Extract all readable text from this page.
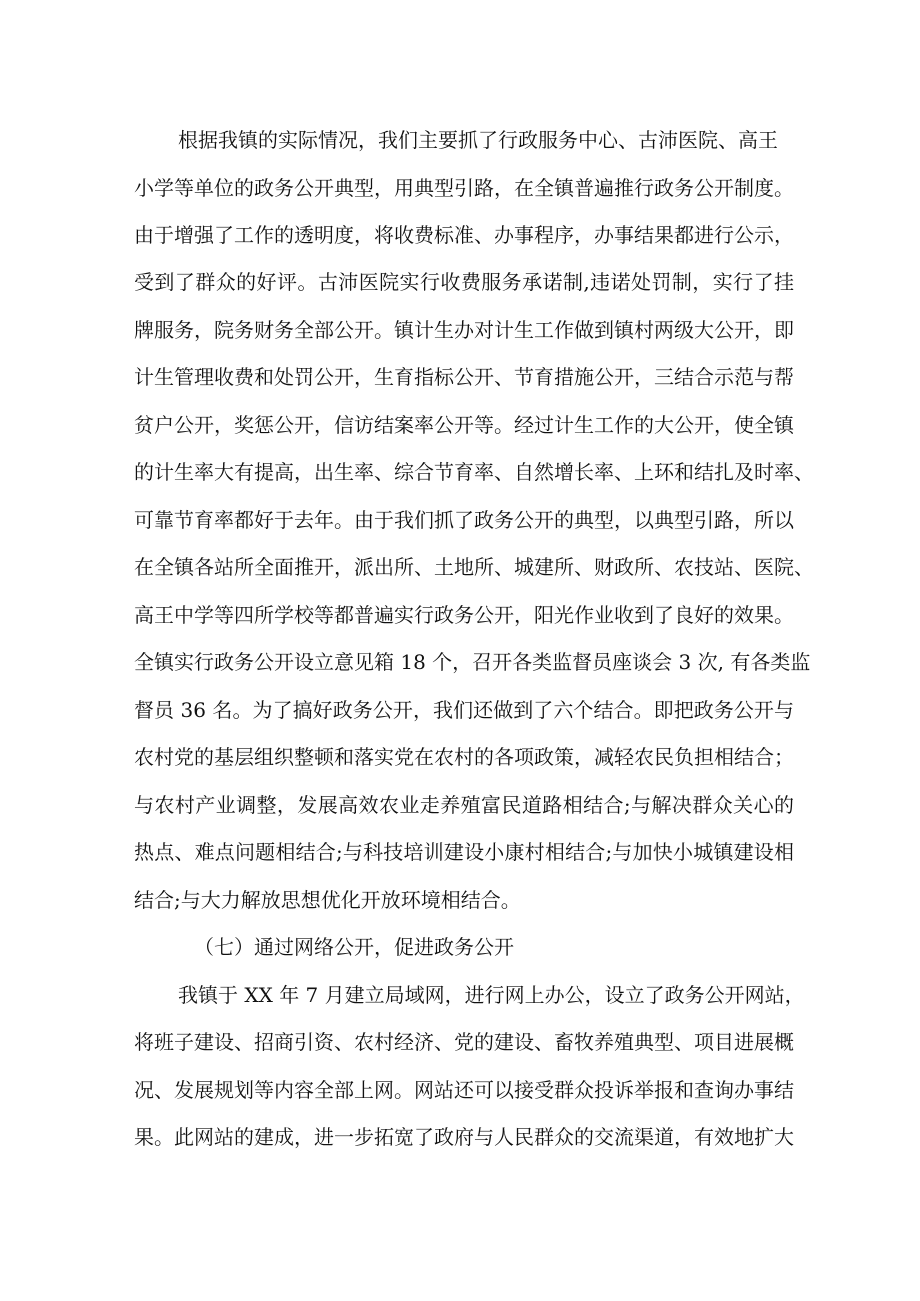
根据我镇的实际情况，我们主要抓了行政服务中心、古沛医院、高王
小学等单位的政务公开典型，用典型引路，在全镇普遍推行政务公开制度。
由于增强了工作的透明度，将收费标准、办事程序，办事结果都进行公示，
受到了群众的好评。古沛医院实行收费服务承诺制,违诺处罚制，实行了挂
牌服务，院务财务全部公开。镇计生办对计生工作做到镇村两级大公开，即
计生管理收费和处罚公开，生育指标公开、节育措施公开，三结合示范与帮
贫户公开，奖惩公开，信访结案率公开等。经过计生工作的大公开，使全镇
的计生率大有提高，出生率、综合节育率、自然增长率、上环和结扎及时率、
可靠节育率都好于去年。由于我们抓了政务公开的典型，以典型引路，所以
在全镇各站所全面推开，派出所、土地所、城建所、财政所、农技站、医院、
高王中学等四所学校等都普遍实行政务公开，阳光作业收到了良好的效果。
全镇实行政务公开设立意见箱 18 个，召开各类监督员座谈会 3 次, 有各类监
督员 36 名。为了搞好政务公开，我们还做到了六个结合。即把政务公开与
农村党的基层组织整顿和落实党在农村的各项政策，减轻农民负担相结合；
与农村产业调整，发展高效农业走养殖富民道路相结合;与解决群众关心的
热点、难点问题相结合;与科技培训建设小康村相结合;与加快小城镇建设相
结合;与大力解放思想优化开放环境相结合。
（七）通过网络公开，促进政务公开
我镇于 XX 年 7 月建立局域网，进行网上办公，设立了政务公开网站，
将班子建设、招商引资、农村经济、党的建设、畜牧养殖典型、项目进展概
况、发展规划等内容全部上网。网站还可以接受群众投诉举报和查询办事结
果。此网站的建成，进一步拓宽了政府与人民群众的交流渠道，有效地扩大
